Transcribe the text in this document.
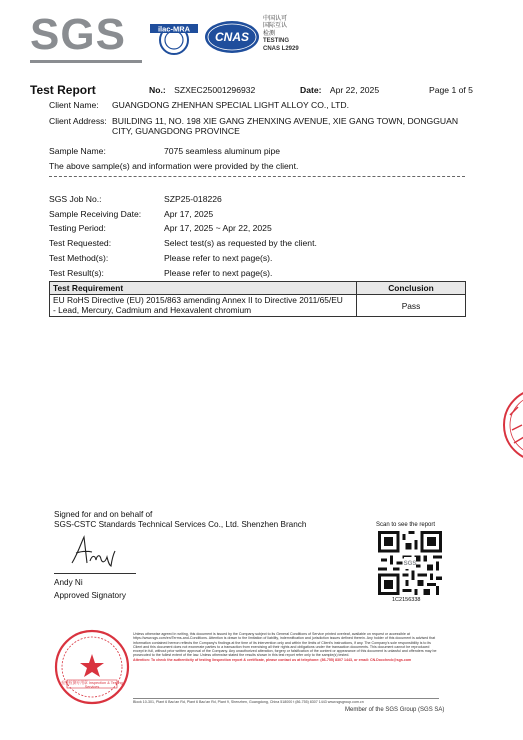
SGS	ilac-MRA
CNAS
中国认可
国际互认
检测
TESTING
CNAS L2929
Test Report	No.: SZXEC25001296932	Date: Apr 22, 2025	Page 1 of 5
Client Name: GUANGDONG ZHENHAN SPECIAL LIGHT ALLOY CO., LTD.
Client Address: BUILDING 11, NO. 198 XIE GANG ZHENXING AVENUE, XIE GANG TOWN, DONGGUAN
CITY, GUANGDONG PROVINCE
Sample Name:	7075 seamless aluminum pipe
The above sample(s) and information were provided by the client.
SGS Job No.:	SZP25-018226
Sample Receiving Date:	Apr 17, 2025
Testing Period:	Apr 17, 2025 ~ Apr 22, 2025
Test Requested:	Select test(s) as requested by the client.
Test Method(s):	Please refer to next page(s).
Test Result(s):	Please refer to next page(s).
Test Requirement	Conclusion

EU RoHS Directive (EU) 2015/863 amending Annex II to Directive 2011/65/EU
- Lead, Mercury, Cadmium and Hexavalent chromium	Pass
Signed for and on behalf of
SGS-CSTC Standards Technical Services Co., Ltd. Shenzhen Branch
Andy Ni
Approved Signatory
Scan to see the report
SGS
1C2156338
检验检测专用章 Inspection & Testing Services
Unless otherwise agreed in writing, this document is issued by the Company subject to its General Conditions of Service printed overleaf, available on request or accessible at https://www.sgs.com/en/Terms-and-Conditions. Attention is drawn to the limitation of liability, indemnification and jurisdiction issues defined therein. Any holder of this document is advised that information contained hereon reflects the Company's findings at the time of its intervention only and within the limits of Client's instructions, if any. The Company's sole responsibility is to its Client and this document does not exonerate parties to a transaction from exercising all their rights and obligations under the transaction documents. This document cannot be reproduced except in full, without prior written approval of the Company. Any unauthorized alteration, forgery or falsification of the content or appearance of this document is unlawful and offenders may be prosecuted to the fullest extent of the law. Unless otherwise stated the results shown in this test report refer only to the sample(s) tested.
Attention: To check the authenticity of testing /inspection report & certificate, please contact us at telephone: (86-755) 8307 1443, or email: CN.Doccheck@sgs.com
Block 10-301, Plant 6 Bao'an Rd, Plant 6 Bao'an Rd, Plant 9, Shenzhen, Guangdong, China 518000 t (86-755) 8307 1443 www.sgsgroup.com.cn
Member of the SGS Group (SGS SA)
